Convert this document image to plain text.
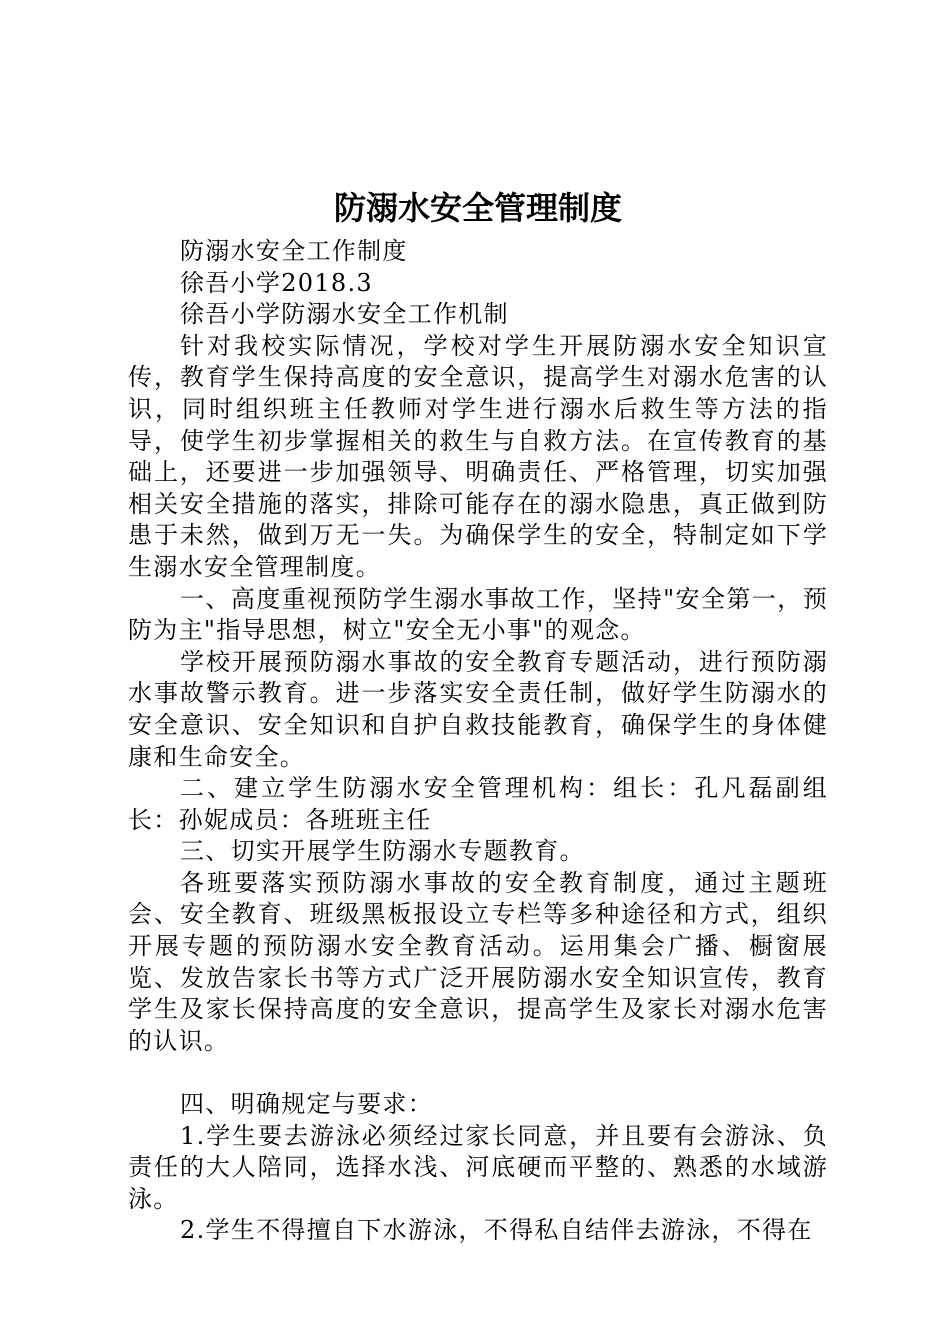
防溺水安全管理制度

防溺水安全工作制度

徐吾小学2018.3

徐吾小学防溺水安全工作机制

针对我校实际情况，学校对学生开展防溺水安全知识宣传，教育学生保持高度的安全意识，提高学生对溺水危害的认识，同时组织班主任教师对学生进行溺水后救生等方法的指导，使学生初步掌握相关的救生与自救方法。在宣传教育的基础上，还要进一步加强领导、明确责任、严格管理，切实加强相关安全措施的落实，排除可能存在的溺水隐患，真正做到防患于未然，做到万无一失。为确保学生的安全，特制定如下学生溺水安全管理制度。

一、高度重视预防学生溺水事故工作，坚持"安全第一，预防为主"指导思想，树立"安全无小事"的观念。

学校开展预防溺水事故的安全教育专题活动，进行预防溺水事故警示教育。进一步落实安全责任制，做好学生防溺水的安全意识、安全知识和自护自救技能教育，确保学生的身体健康和生命安全。

二、建立学生防溺水安全管理机构：组长：孔凡磊副组长：孙妮成员：各班班主任

三、切实开展学生防溺水专题教育。

各班要落实预防溺水事故的安全教育制度，通过主题班会、安全教育、班级黑板报设立专栏等多种途径和方式，组织开展专题的预防溺水安全教育活动。运用集会广播、橱窗展览、发放告家长书等方式广泛开展防溺水安全知识宣传，教育学生及家长保持高度的安全意识，提高学生及家长对溺水危害的认识。

四、明确规定与要求：

1.学生要去游泳必须经过家长同意，并且要有会游泳、负责任的大人陪同，选择水浅、河底硬而平整的、熟悉的水域游泳。

2.学生不得擅自下水游泳，不得私自结伴去游泳，不得在
